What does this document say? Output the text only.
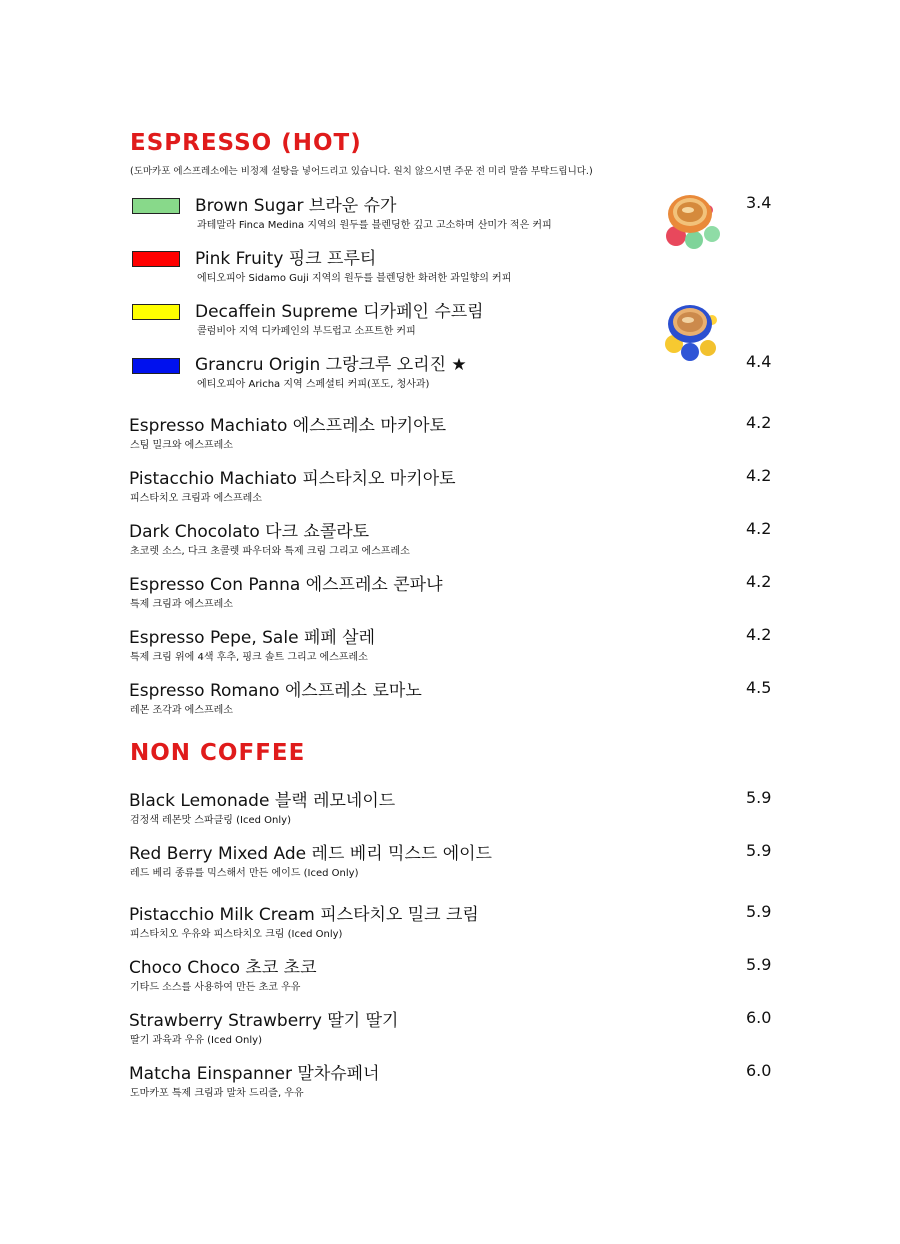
ESPRESSO (HOT)
(도마카포 에스프레소에는 비정제 설탕을 넣어드리고 있습니다. 원치 않으시면 주문 전 미리 말씀 부탁드립니다.)
Brown Sugar 브라운 슈가
과테말라 Finca Medina 지역의 원두를 블렌딩한 깊고 고소하며 산미가 적은 커피
Pink Fruity 핑크 프루티
에티오피아 Sidamo Guji 지역의 원두를 블렌딩한 화려한 과일향의 커피
Decaffein Supreme 디카페인 수프림
콜럼비아 지역 디카페인의 부드럽고 소프트한 커피
Grancru Origin 그랑크루 오리진 ★
에티오피아 Aricha 지역 스페셜티 커피(포도, 청사과)
3.4
4.4
Espresso Machiato 에스프레소 마키아토
스팀 밀크와 에스프레소
4.2
Pistacchio Machiato 피스타치오 마키아토
피스타치오 크림과 에스프레소
4.2
Dark Chocolato 다크 쇼콜라토
초코렛 소스, 다크 초콜렛 파우더와 특제 크림 그리고 에스프레소
4.2
Espresso Con Panna 에스프레소 콘파냐
특제 크림과 에스프레소
4.2
Espresso Pepe, Sale 페페 살레
특제 크림 위에 4색 후추, 핑크 솔트 그리고 에스프레소
4.2
Espresso Romano 에스프레소 로마노
레몬 조각과 에스프레소
4.5
NON COFFEE
Black Lemonade 블랙 레모네이드
검정색 레몬맛 스파클링 (Iced Only)
5.9
Red Berry Mixed Ade 레드 베리 믹스드 에이드
레드 베리 종류를 믹스해서 만든 에이드 (Iced Only)
5.9
Pistacchio Milk Cream 피스타치오 밀크 크림
피스타치오 우유와 피스타치오 크림 (Iced Only)
5.9
Choco Choco 초코 초코
기타드 소스를 사용하여 만든 초코 우유
5.9
Strawberry Strawberry 딸기 딸기
딸기 과육과 우유 (Iced Only)
6.0
Matcha Einspanner 말차슈페너
도마카포 특제 크림과 말차 드리즐, 우유
6.0
